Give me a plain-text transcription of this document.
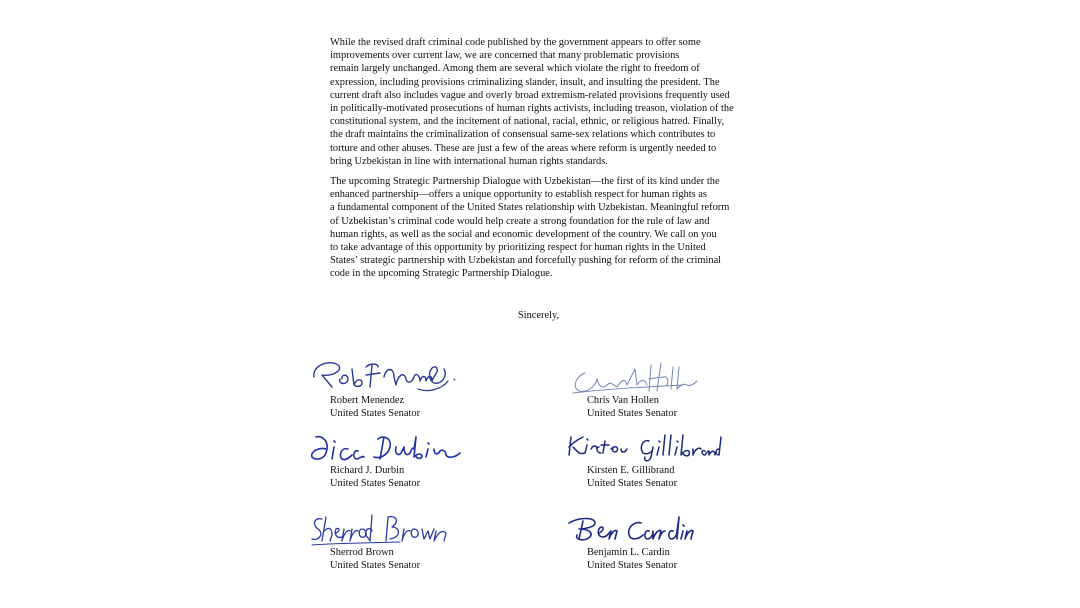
While the revised draft criminal code published by the government appears to offer some
improvements over current law, we are concerned that many problematic provisions
remain largely unchanged. Among them are several which violate the right to freedom of
expression, including provisions criminalizing slander, insult, and insulting the president. The
current draft also includes vague and overly broad extremism-related provisions frequently used
in politically-motivated prosecutions of human rights activists, including treason, violation of the
constitutional system, and the incitement of national, racial, ethnic, or religious hatred. Finally,
the draft maintains the criminalization of consensual same-sex relations which contributes to
torture and other abuses. These are just a few of the areas where reform is urgently needed to
bring Uzbekistan in line with international human rights standards.
The upcoming Strategic Partnership Dialogue with Uzbekistan—the first of its kind under the
enhanced partnership—offers a unique opportunity to establish respect for human rights as
a fundamental component of the United States relationship with Uzbekistan. Meaningful reform
of Uzbekistan’s criminal code would help create a strong foundation for the rule of law and
human rights, as well as the social and economic development of the country. We call on you
to take advantage of this opportunity by prioritizing respect for human rights in the United
States’ strategic partnership with Uzbekistan and forcefully pushing for reform of the criminal
code in the upcoming Strategic Partnership Dialogue.
Sincerely,
Robert Menendez
United States Senator
Chris Van Hollen
United States Senator
Richard J. Durbin
United States Senator
Kirsten E. Gillibrand
United States Senator
Sherrod Brown
United States Senator
Benjamin L. Cardin
United States Senator
